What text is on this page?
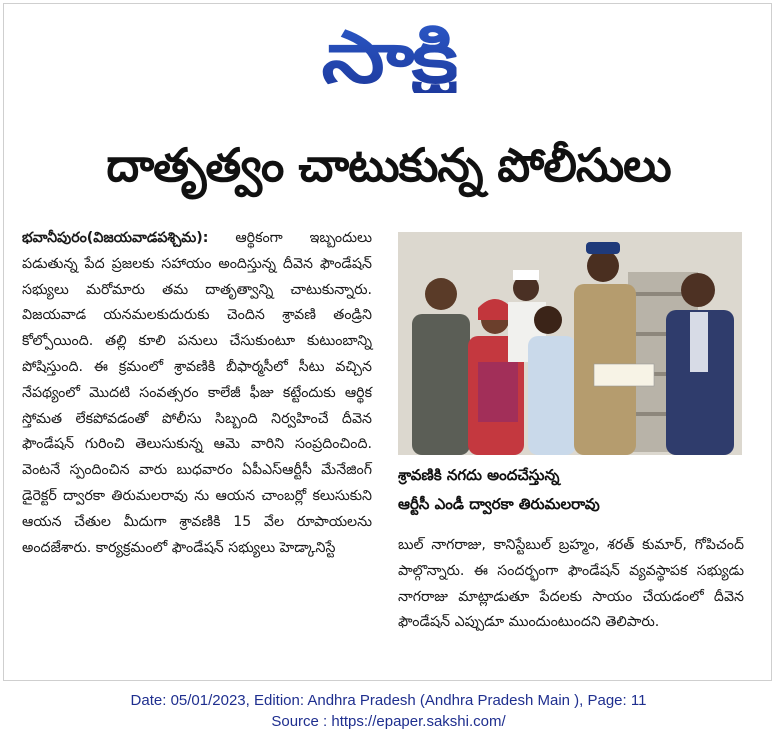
సాక్షి
దాతృత్వం చాటుకున్న పోలీసులు
భవానీపురం(విజయవాడపశ్చిమ): ఆర్థికంగా ఇబ్బందులు పడుతున్న పేద ప్రజలకు సహాయం అందిస్తున్న దీవెన ఫౌండేషన్ సభ్యులు మరోమారు తమ దాతృత్వాన్ని చాటుకున్నారు. విజయవాడ యనమలకుదురుకు చెందిన శ్రావణి తండ్రిని కోల్పోయింది. తల్లి కూలి పనులు చేసుకుంటూ కుటుంబాన్ని పోషిస్తుంది. ఈ క్రమంలో శ్రావణికి బీఫార్మసీలో సీటు వచ్చిన నేపథ్యంలో మొదటి సంవత్సరం కాలేజీ ఫీజు కట్టేందుకు ఆర్థిక స్తోమత లేకపోవడంతో పోలీసు సిబ్బంది నిర్వహించే దీవెన ఫౌండేషన్ గురించి తెలుసుకున్న ఆమె వారిని సంప్రదించింది. వెంటనే స్పందించిన వారు బుధవారం ఏపీఎస్ఆర్టీసీ మేనేజింగ్ డైరెక్టర్ ద్వారకా తిరుమలరావు ను ఆయన చాంబర్లో కలుసుకుని ఆయన చేతుల మీదుగా శ్రావణికి 15 వేల రూపాయలను అందజేశారు. కార్యక్రమంలో ఫౌండేషన్ సభ్యులు హెడ్కానిస్టే
శ్రావణికి నగదు అందచేస్తున్న
ఆర్టీసీ ఎండీ ద్వారకా తిరుమలరావు
బుల్ నాగరాజు, కానిస్టేబుల్ బ్రహ్మం, శరత్ కుమార్, గోపిచంద్ పాల్గొన్నారు. ఈ సందర్భంగా ఫౌండేషన్ వ్యవస్థాపక సభ్యుడు నాగరాజు మాట్లాడుతూ పేదలకు సాయం చేయడంలో దీవెన ఫౌండేషన్ ఎప్పుడూ ముందుంటుందని తెలిపారు.
Date: 05/01/2023, Edition: Andhra Pradesh (Andhra Pradesh Main ), Page: 11
Source : https://epaper.sakshi.com/
